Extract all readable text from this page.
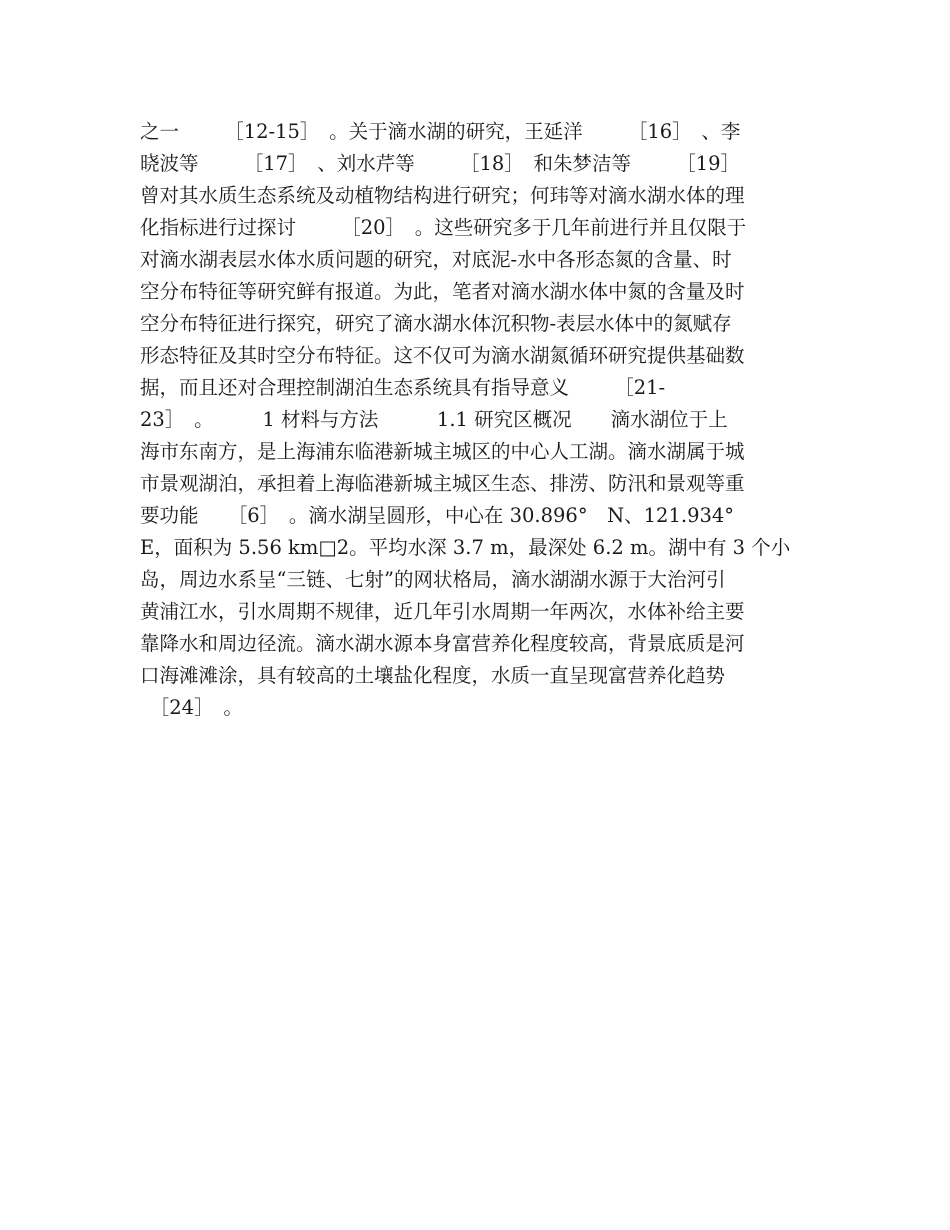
之一　　 ［12-15］　。关于滴水湖的研究，王延洋　　 ［16］　、李
晓波等　　 ［17］　、刘水芹等　　 ［18］　和朱梦洁等　　 ［19］
曾对其水质生态系统及动植物结构进行研究；何玮等对滴水湖水体的理
化指标进行过探讨　　 ［20］　。这些研究多于几年前进行并且仅限于
对滴水湖表层水体水质问题的研究，对底泥-水中各形态氮的含量、时
空分布特征等研究鲜有报道。为此，笔者对滴水湖水体中氮的含量及时
空分布特征进行探究，研究了滴水湖水体沉积物-表层水体中的氮赋存
形态特征及其时空分布特征。这不仅可为滴水湖氮循环研究提供基础数
据，而且还对合理控制湖泊生态系统具有指导意义　　 ［21-
23］　。　　　1 材料与方法　　　1.1 研究区概况　　滴水湖位于上
海市东南方，是上海浦东临港新城主城区的中心人工湖。滴水湖属于城
市景观湖泊，承担着上海临港新城主城区生态、排涝、防汛和景观等重
要功能　　［6］　。滴水湖呈圆形，中心在 30.896°　N、121.934°
E，面积为 5.56 km□2。平均水深 3.7 m，最深处 6.2 m。湖中有 3 个小
岛，周边水系呈“三链、七射”的网状格局，滴水湖湖水源于大治河引
黄浦江水，引水周期不规律，近几年引水周期一年两次，水体补给主要
靠降水和周边径流。滴水湖水源本身富营养化程度较高，背景底质是河
口海滩滩涂，具有较高的土壤盐化程度，水质一直呈现富营养化趋势
　［24］　。
